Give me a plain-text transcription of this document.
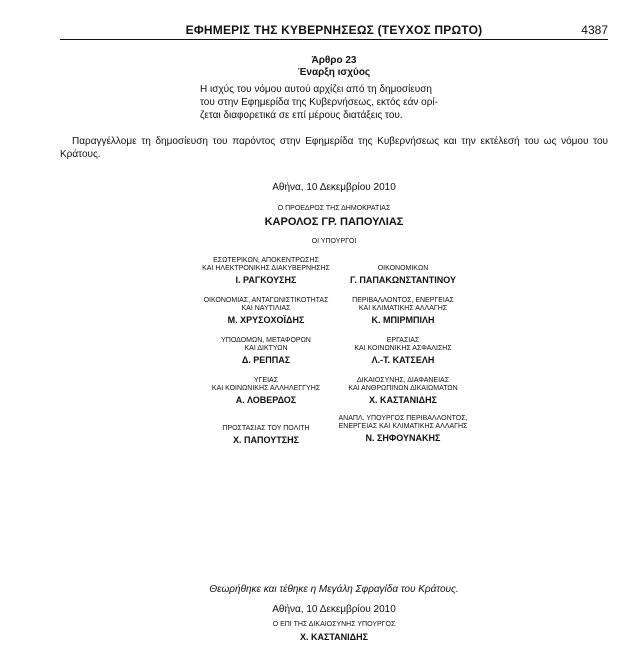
ΕΦΗΜΕΡΙΣ ΤΗΣ ΚΥΒΕΡΝΗΣΕΩΣ (ΤΕΥΧΟΣ ΠΡΩΤΟ)	4387
Άρθρο 23
Έναρξη ισχύος
Η ισχύς του νόμου αυτού αρχίζει από τη δημοσίευση
του στην Εφημερίδα της Κυβερνήσεως, εκτός εάν ορί-
ζεται διαφορετικά σε επί μέρους διατάξεις του.
Παραγγέλλομε τη δημοσίευση του παρόντος στην Εφημερίδα της Κυβερνήσεως και την εκτέλεσή του ως νόμου του Κράτους.
Αθήνα, 10 Δεκεμβρίου 2010
Ο ΠΡΟΕΔΡΟΣ ΤΗΣ ΔΗΜΟΚΡΑΤΙΑΣ
ΚΑΡΟΛΟΣ ΓΡ. ΠΑΠΟΥΛΙΑΣ
ΟΙ ΥΠΟΥΡΓΟΙ
ΕΣΩΤΕΡΙΚΩΝ, ΑΠΟΚΕΝΤΡΩΣΗΣ
ΚΑΙ ΗΛΕΚΤΡΟΝΙΚΗΣ ΔΙΑΚΥΒΕΡΝΗΣΗΣ
Ι. ΡΑΓΚΟΥΣΗΣ
ΟΙΚΟΝΟΜΙΑΣ, ΑΝΤΑΓΩΝΙΣΤΙΚΟΤΗΤΑΣ
ΚΑΙ ΝΑΥΤΙΛΙΑΣ
Μ. ΧΡΥΣΟΧΟΪΔΗΣ
ΥΠΟΔΟΜΩΝ, ΜΕΤΑΦΟΡΩΝ
ΚΑΙ ΔΙΚΤΥΩΝ
Δ. ΡΕΠΠΑΣ
ΥΓΕΙΑΣ
ΚΑΙ ΚΟΙΝΩΝΙΚΗΣ ΑΛΛΗΛΕΓΓΥΗΣ
Α. ΛΟΒΕΡΔΟΣ
ΠΡΟΣΤΑΣΙΑΣ ΤΟΥ ΠΟΛΙΤΗ
Χ. ΠΑΠΟΥΤΣΗΣ
ΟΙΚΟΝΟΜΙΚΩΝ
Γ. ΠΑΠΑΚΩΝΣΤΑΝΤΙΝΟΥ
ΠΕΡΙΒΑΛΛΟΝΤΟΣ, ΕΝΕΡΓΕΙΑΣ
ΚΑΙ ΚΛΙΜΑΤΙΚΗΣ ΑΛΛΑΓΗΣ
Κ. ΜΠΙΡΜΠΙΛΗ
ΕΡΓΑΣΙΑΣ
ΚΑΙ ΚΟΙΝΩΝΙΚΗΣ ΑΣΦΑΛΙΣΗΣ
Λ.-Τ. ΚΑΤΣΕΛΗ
ΔΙΚΑΙΟΣΥΝΗΣ, ΔΙΑΦΑΝΕΙΑΣ
ΚΑΙ ΑΝΘΡΩΠΙΝΩΝ ΔΙΚΑΙΩΜΑΤΩΝ
Χ. ΚΑΣΤΑΝΙΔΗΣ
ΑΝΑΠΛ. ΥΠΟΥΡΓΟΣ ΠΕΡΙΒΑΛΛΟΝΤΟΣ,
ΕΝΕΡΓΕΙΑΣ ΚΑΙ ΚΛΙΜΑΤΙΚΗΣ ΑΛΛΑΓΗΣ
Ν. ΣΗΦΟΥΝΑΚΗΣ
Θεωρήθηκε και τέθηκε η Μεγάλη Σφραγίδα του Κράτους.
Αθήνα, 10 Δεκεμβρίου 2010
Ο ΕΠΙ ΤΗΣ ΔΙΚΑΙΟΣΥΝΗΣ ΥΠΟΥΡΓΟΣ
Χ. ΚΑΣΤΑΝΙΔΗΣ
